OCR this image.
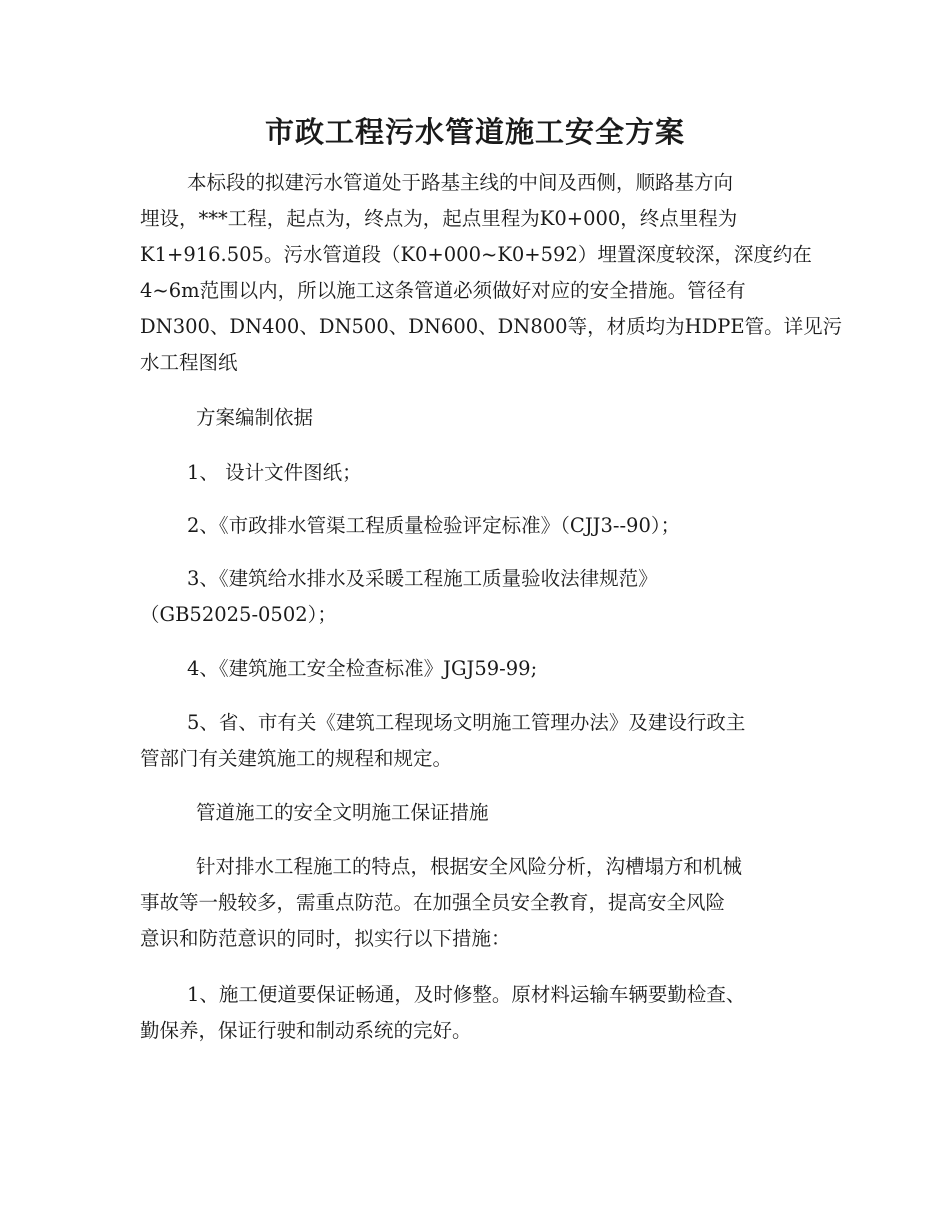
市政工程污水管道施工安全方案
本标段的拟建污水管道处于路基主线的中间及西侧，顺路基方向
埋设，***工程，起点为，终点为，起点里程为K0+000，终点里程为
K1+916.505。污水管道段（K0+000~K0+592）埋置深度较深，深度约在
4~6m范围以内，所以施工这条管道必须做好对应的安全措施。管径有
DN300、DN400、DN500、DN600、DN800等，材质均为HDPE管。详见污
水工程图纸
方案编制依据
1、 设计文件图纸；
2、《市政排水管渠工程质量检验评定标准》（CJJ3--90）；
3、《建筑给水排水及采暖工程施工质量验收法律规范》
（GB52025-0502）；
4、《建筑施工安全检查标准》JGJ59-99;
5、省、市有关《建筑工程现场文明施工管理办法》及建设行政主
管部门有关建筑施工的规程和规定。
管道施工的安全文明施工保证措施
针对排水工程施工的特点，根据安全风险分析，沟槽塌方和机械
事故等一般较多，需重点防范。在加强全员安全教育，提高安全风险
意识和防范意识的同时，拟实行以下措施：
1、施工便道要保证畅通，及时修整。原材料运输车辆要勤检查、
勤保养，保证行驶和制动系统的完好。
